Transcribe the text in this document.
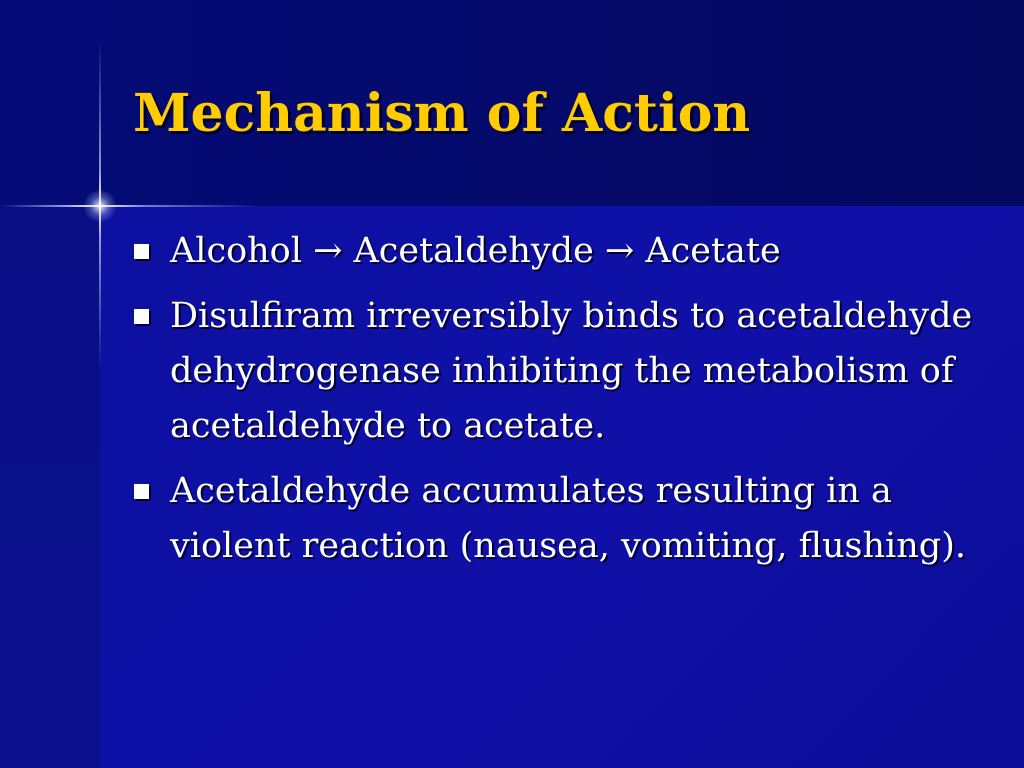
Mechanism of Action
Alcohol → Acetaldehyde → Acetate
Disulfiram irreversibly binds to acetaldehyde dehydrogenase inhibiting the metabolism of acetaldehyde to acetate.
Acetaldehyde accumulates resulting in a violent reaction (nausea, vomiting, flushing).
